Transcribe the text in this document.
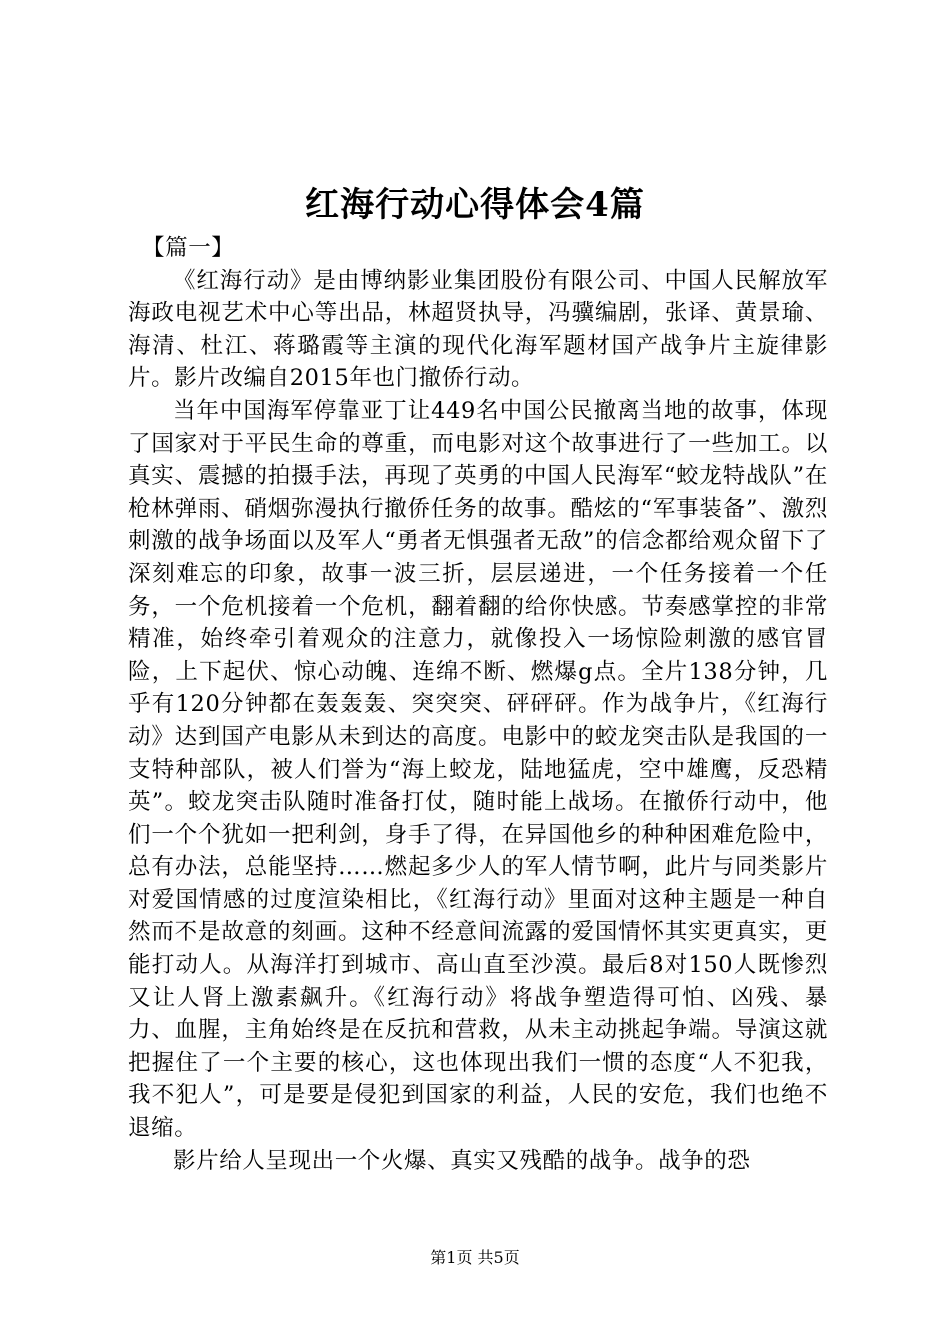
红海行动心得体会4篇
【篇一】

《红海行动》是由博纳影业集团股份有限公司、中国人民解放军海政电视艺术中心等出品，林超贤执导，冯骥编剧，张译、黄景瑜、海清、杜江、蒋璐霞等主演的现代化海军题材国产战争片主旋律影片。影片改编自2015年也门撤侨行动。

当年中国海军停靠亚丁让449名中国公民撤离当地的故事，体现了国家对于平民生命的尊重，而电影对这个故事进行了一些加工。以真实、震撼的拍摄手法，再现了英勇的中国人民海军“蛟龙特战队”在枪林弹雨、硝烟弥漫执行撤侨任务的故事。酷炫的“军事装备”、激烈刺激的战争场面以及军人“勇者无惧强者无敌”的信念都给观众留下了深刻难忘的印象，故事一波三折，层层递进，一个任务接着一个任务，一个危机接着一个危机，翻着翻的给你快感。节奏感掌控的非常精准，始终牵引着观众的注意力，就像投入一场惊险刺激的感官冒险，上下起伏、惊心动魄、连绵不断、燃爆g点。全片138分钟，几乎有120分钟都在轰轰轰、突突突、砰砰砰。作为战争片，《红海行动》达到国产电影从未到达的高度。电影中的蛟龙突击队是我国的一支特种部队，被人们誉为“海上蛟龙，陆地猛虎，空中雄鹰，反恐精英”。蛟龙突击队随时准备打仗，随时能上战场。在撤侨行动中，他们一个个犹如一把利剑，身手了得，在异国他乡的种种困难危险中，总有办法，总能坚持……燃起多少人的军人情节啊，此片与同类影片对爱国情感的过度渲染相比，《红海行动》里面对这种主题是一种自然而不是故意的刻画。这种不经意间流露的爱国情怀其实更真实，更能打动人。从海洋打到城市、高山直至沙漠。最后8对150人既惨烈又让人肾上激素飙升。《红海行动》将战争塑造得可怕、凶残、暴力、血腥，主角始终是在反抗和营救，从未主动挑起争端。导演这就把握住了一个主要的核心，这也体现出我们一惯的态度“人不犯我，我不犯人”，可是要是侵犯到国家的利益，人民的安危，我们也绝不退缩。

影片给人呈现出一个火爆、真实又残酷的战争。战争的恐

第1页 共5页
